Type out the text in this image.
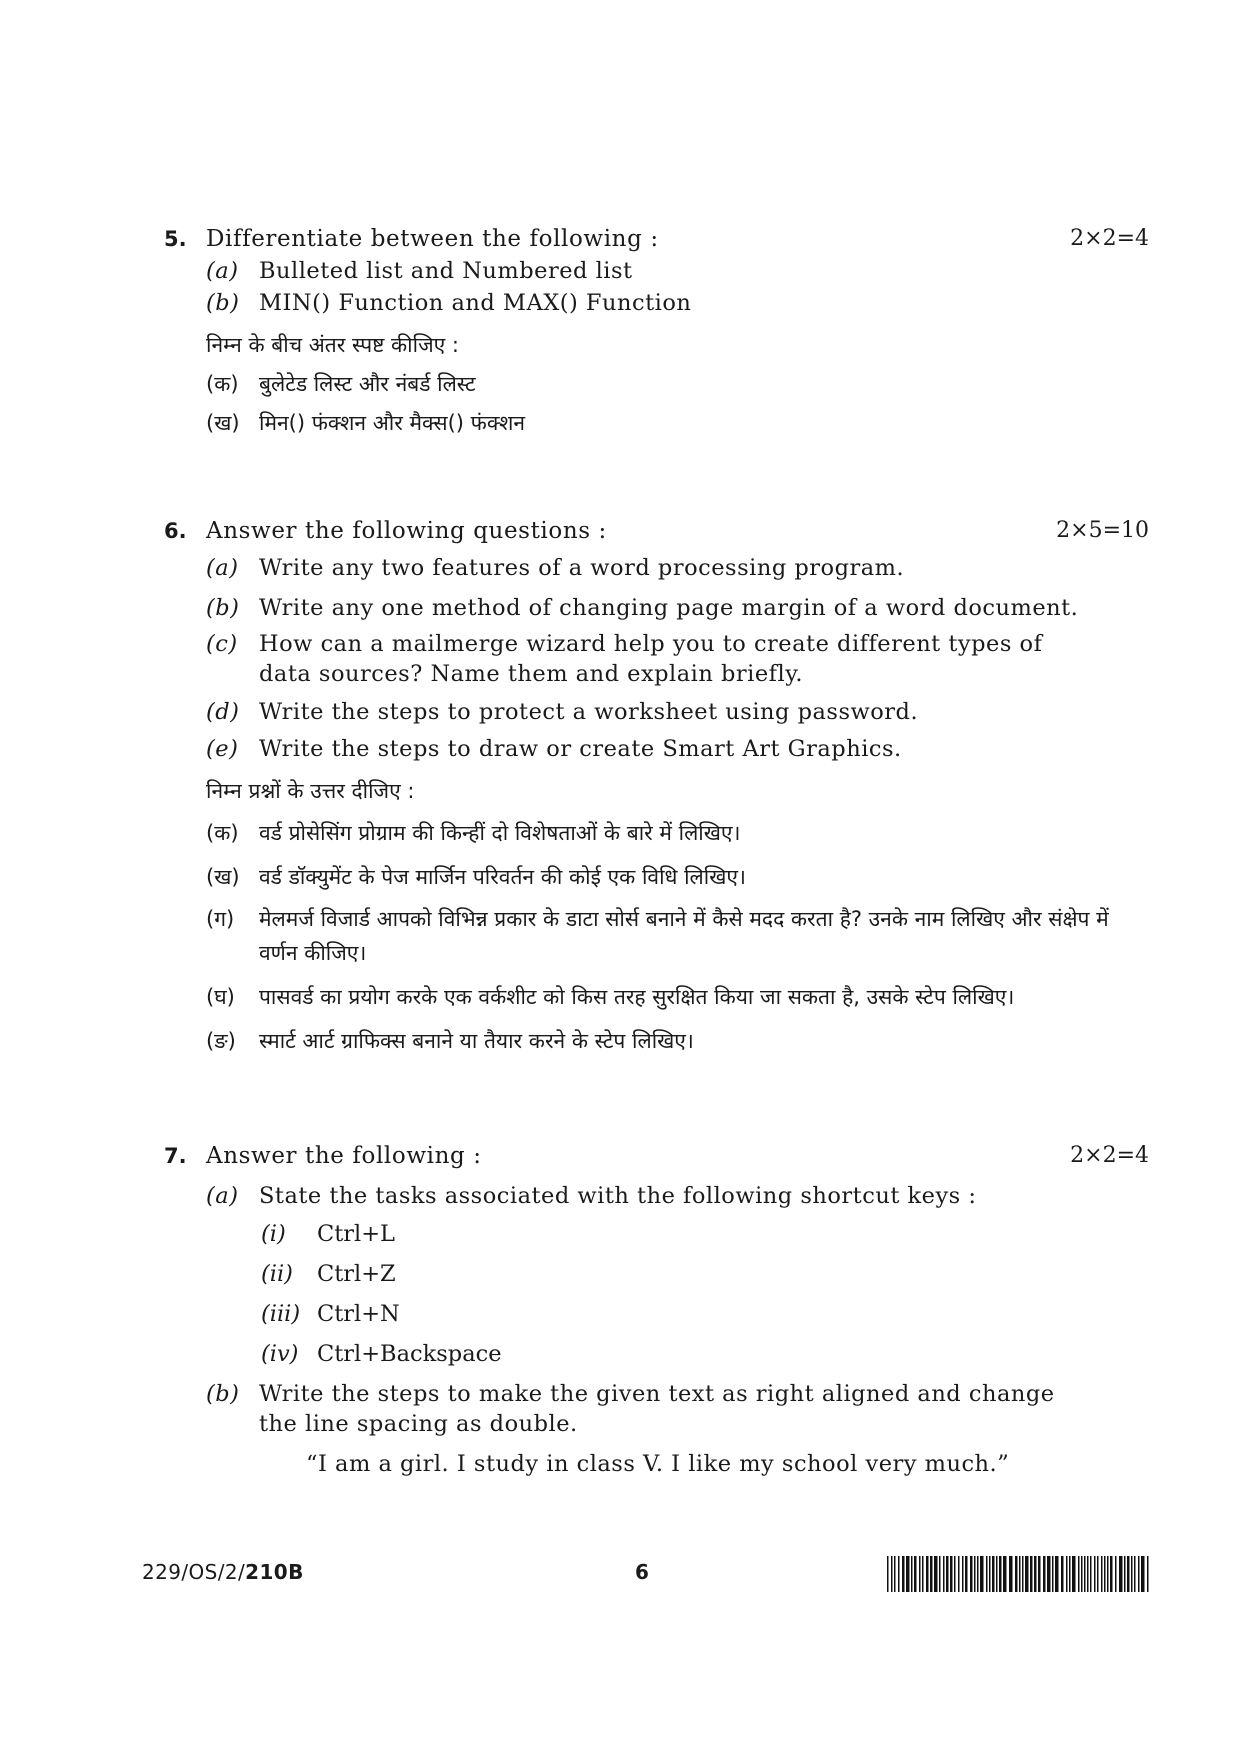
5. Differentiate between the following :	2×2=4
(a) Bulleted list and Numbered list
(b) MIN() Function and MAX() Function
निम्न के बीच अंतर स्पष्ट कीजिए :
(क) बुलेटेड लिस्ट और नंबर्ड लिस्ट
(ख) मिन() फंक्शन और मैक्स() फंक्शन
6. Answer the following questions :	2×5=10
(a) Write any two features of a word processing program.
(b) Write any one method of changing page margin of a word document.
(c) How can a mailmerge wizard help you to create different types of data sources? Name them and explain briefly.
(d) Write the steps to protect a worksheet using password.
(e) Write the steps to draw or create Smart Art Graphics.
निम्न प्रश्नों के उत्तर दीजिए :
(क) वर्ड प्रोसेसिंग प्रोग्राम की किन्हीं दो विशेषताओं के बारे में लिखिए।
(ख) वर्ड डॉक्युमेंट के पेज मार्जिन परिवर्तन की कोई एक विधि लिखिए।
(ग) मेलमर्ज विजार्ड आपको विभिन्न प्रकार के डाटा सोर्स बनाने में कैसे मदद करता है? उनके नाम लिखिए और संक्षेप में वर्णन कीजिए।
(घ) पासवर्ड का प्रयोग करके एक वर्कशीट को किस तरह सुरक्षित किया जा सकता है, उसके स्टेप लिखिए।
(ङ) स्मार्ट आर्ट ग्राफिक्स बनाने या तैयार करने के स्टेप लिखिए।
7. Answer the following :	2×2=4
(a) State the tasks associated with the following shortcut keys :
(i) Ctrl+L
(ii) Ctrl+Z
(iii) Ctrl+N
(iv) Ctrl+Backspace
(b) Write the steps to make the given text as right aligned and change the line spacing as double.
“I am a girl. I study in class V. I like my school very much.”
229/OS/2/210B	6
